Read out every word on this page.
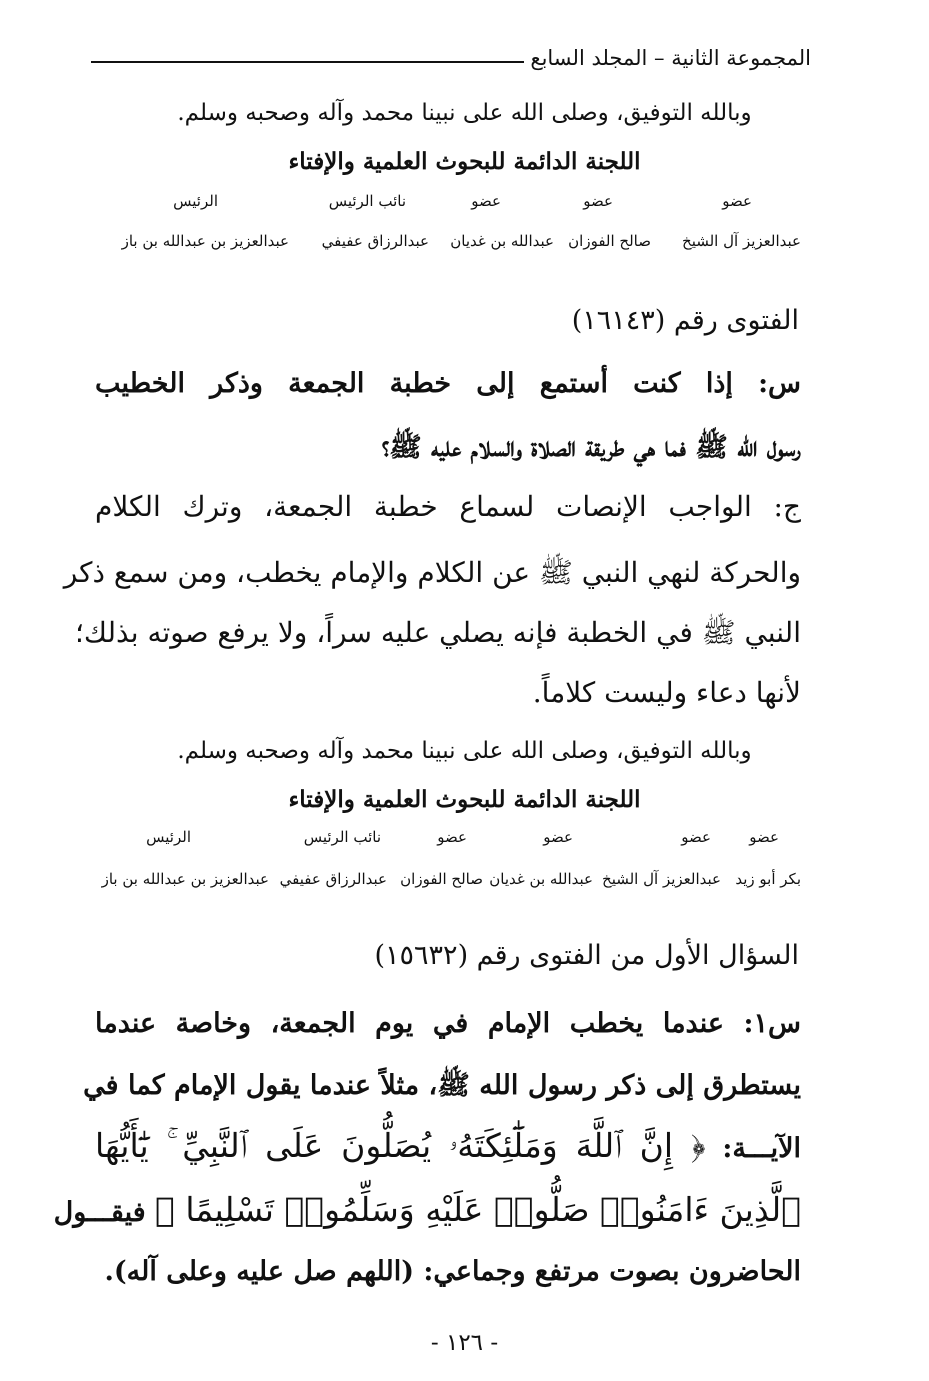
المجموعة الثانية – المجلد السابع
وبالله التوفيق، وصلى الله على نبينا محمد وآله وصحبه وسلم.
اللجنة الدائمة للبحوث العلمية والإفتاء
عضو
عضو
عضو
نائب الرئيس
الرئيس
عبدالعزيز آل الشيخ
صالح الفوزان
عبدالله بن غديان
عبدالرزاق عفيفي
عبدالعزيز بن عبدالله بن باز
الفتوى رقم (١٦١٤٣)
س: إذا كنت أستمع إلى خطبة الجمعة وذكر الخطيب
رسول الله ﷺ فما هي طريقة الصلاة والسلام عليه ﷺ؟
ج: الواجب الإنصات لسماع خطبة الجمعة، وترك الكلام
والحركة لنهي النبي ﷺ عن الكلام والإمام يخطب، ومن سمع ذكر
النبي ﷺ في الخطبة فإنه يصلي عليه سراً، ولا يرفع صوته بذلك؛
لأنها دعاء وليست كلاماً.
وبالله التوفيق، وصلى الله على نبينا محمد وآله وصحبه وسلم.
اللجنة الدائمة للبحوث العلمية والإفتاء
عضو
عضو
عضو
عضو
نائب الرئيس
الرئيس
بكر أبو زيد
عبدالعزيز آل الشيخ
عبدالله بن غديان
صالح الفوزان
عبدالرزاق عفيفي
عبدالعزيز بن عبدالله بن باز
السؤال الأول من الفتوى رقم (١٥٦٣٢)
س١: عندما يخطب الإمام في يوم الجمعة، وخاصة عندما
يستطرق إلى ذكر رسول الله ﷺ، مثلاً عندما يقول الإمام كما في
الآيـــة: ﴿ إِنَّ ٱللَّهَ وَمَلَٰٓئِكَتَهُۥ يُصَلُّونَ عَلَى ٱلنَّبِيِّ ۚ يَٰٓأَيُّهَا
ٱلَّذِينَ ءَامَنُوا۟ صَلُّوا۟ عَلَيْهِ وَسَلِّمُوا۟ تَسْلِيمًا ﴾ فيقـــول
الحاضرون بصوت مرتفع وجماعي: (اللهم صل عليه وعلى آله).
- ١٢٦ -
